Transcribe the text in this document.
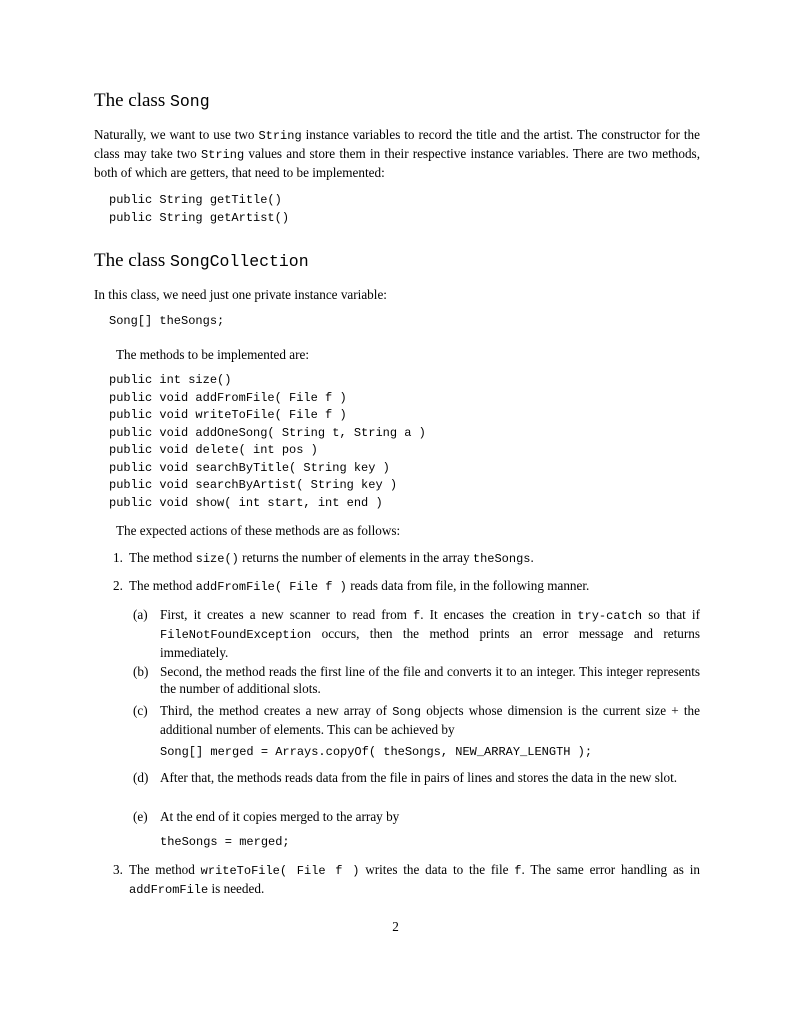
The class Song

Naturally, we want to use two String instance variables to record the title and the artist. The constructor for the class may take two String values and store them in their respective instance variables. There are two methods, both of which are getters, that need to be implemented:

public String getTitle()
public String getArtist()
The class SongCollection

In this class, we need just one private instance variable:

Song[] theSongs;

The methods to be implemented are:

public int size()
public void addFromFile( File f )
public void writeToFile( File f )
public void addOneSong( String t, String a )
public void delete( int pos )
public void searchByTitle( String key )
public void searchByArtist( String key )
public void show( int start, int end )

The expected actions of these methods are as follows:

1. The method size() returns the number of elements in the array theSongs.
2. The method addFromFile( File f ) reads data from file, in the following manner.
(a) First, it creates a new scanner to read from f. It encases the creation in try-catch so that if FileNotFoundException occurs, then the method prints an error message and returns immediately.
(b) Second, the method reads the first line of the file and converts it to an integer. This integer represents the number of additional slots.
(c) Third, the method creates a new array of Song objects whose dimension is the current size + the additional number of elements. This can be achieved by
Song[] merged = Arrays.copyOf( theSongs, NEW_ARRAY_LENGTH );
(d) After that, the methods reads data from the file in pairs of lines and stores the data in the new slot.
(e) At the end of it copies merged to the array by
theSongs = merged;
3. The method writeToFile( File f ) writes the data to the file f. The same error handling as in addFromFile is needed.
2
